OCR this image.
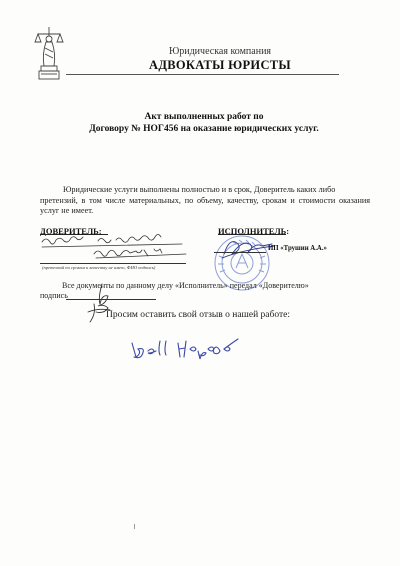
Юридическая компания
АДВОКАТЫ ЮРИСТЫ
Акт выполненных работ по
Договору № НОГ456 на оказание юридических услуг.
Юридические услуги выполнены полностью и в срок, Доверитель каких либо
претензий, в том числе материальных, по объему, качеству, срокам и стоимости оказания услуг не имеет.
ДОВЕРИТЕЛЬ:
(претензий по срокам и качеству не имею, ФИО подпись)
ИСПОЛНИТЕЛЬ:
ИП «Трушин А.А.»
Все документы по данному делу «Исполнитель» передал «Доверителю»
подпись
Просим оставить свой отзыв о нашей работе:
